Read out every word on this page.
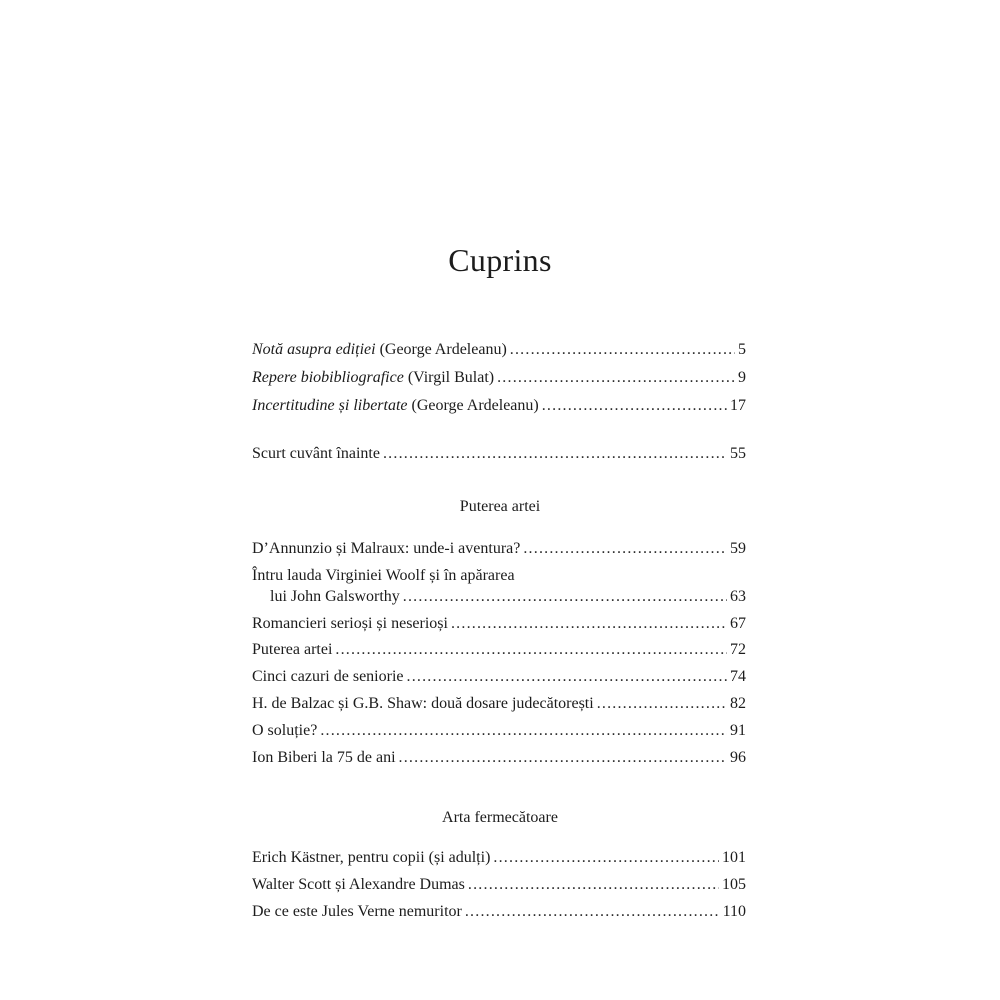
Cuprins
Notă asupra ediției (George Ardeleanu) .....	5
Repere biobibliografice (Virgil Bulat) .....	9
Incertitudine și libertate (George Ardeleanu) .....	17
Scurt cuvânt înainte .....	55
Puterea artei
D’Annunzio și Malraux: unde-i aventura? .....	59
Întru lauda Virginiei Woolf și în apărarea
lui John Galsworthy .....	63
Romancieri serioși și neserioși .....	67
Puterea artei .....	72
Cinci cazuri de seniorie .....	74
H. de Balzac și G.B. Shaw: două dosare judecătorești .....	82
O soluție? .....	91
Ion Biberi la 75 de ani .....	96
Arta fermecătoare
Erich Kästner, pentru copii (și adulți) .....	101
Walter Scott și Alexandre Dumas .....	105
De ce este Jules Verne nemuritor .....	110
